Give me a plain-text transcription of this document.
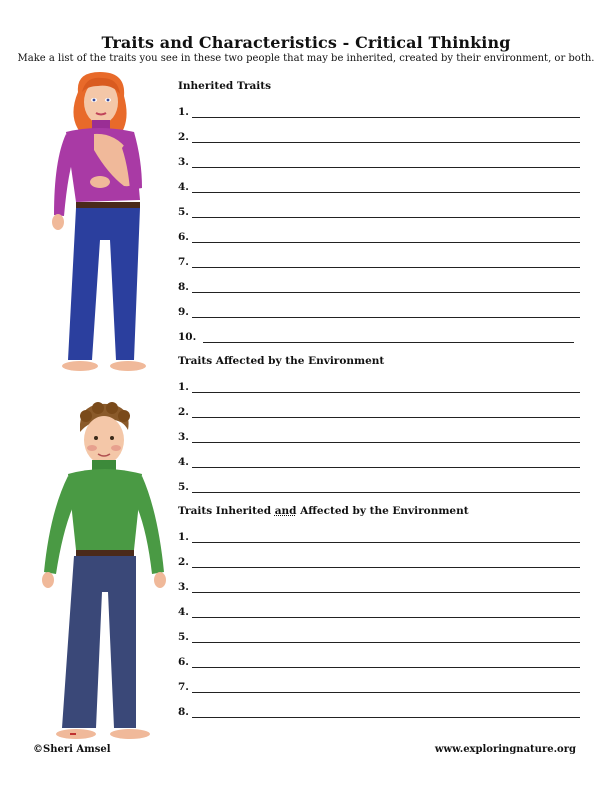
Traits and Characteristics - Critical Thinking
Make a list of the traits you see in these two people that may be inherited, created by their environment, or both.
Inherited Traits
1.
2.
3.
4.
5.
6.
7.
8.
9.
10.
Traits Affected by the Environment
1.
2.
3.
4.
5.
Traits Inherited and Affected by the Environment
1.
2.
3.
4.
5.
6.
7.
8.
©Sheri Amsel	www.exploringnature.org
